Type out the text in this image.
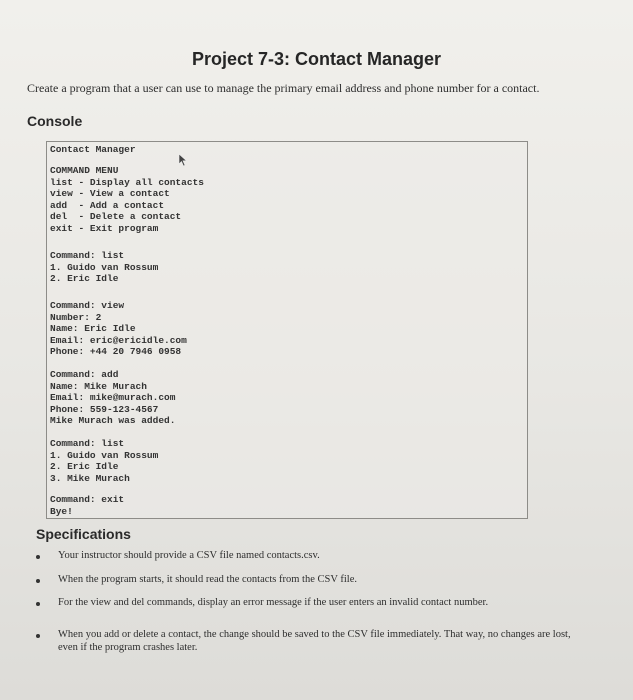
Project 7-3: Contact Manager

Create a program that a user can use to manage the primary email address and phone number for a contact.

Console
Contact Manager
COMMAND MENU
list - Display all contacts
view - View a contact
add  - Add a contact
del  - Delete a contact
exit - Exit program
Command: list
1. Guido van Rossum
2. Eric Idle
Command: view
Number: 2
Name: Eric Idle
Email: eric@ericidle.com
Phone: +44 20 7946 0958
Command: add
Name: Mike Murach
Email: mike@murach.com
Phone: 559-123-4567
Mike Murach was added.
Command: list
1. Guido van Rossum
2. Eric Idle
3. Mike Murach
Command: exit
Bye!
Specifications
Your instructor should provide a CSV file named contacts.csv.
When the program starts, it should read the contacts from the CSV file.
For the view and del commands, display an error message if the user enters an invalid contact number.
When you add or delete a contact, the change should be saved to the CSV file immediately. That way, no changes are lost, even if the program crashes later.
